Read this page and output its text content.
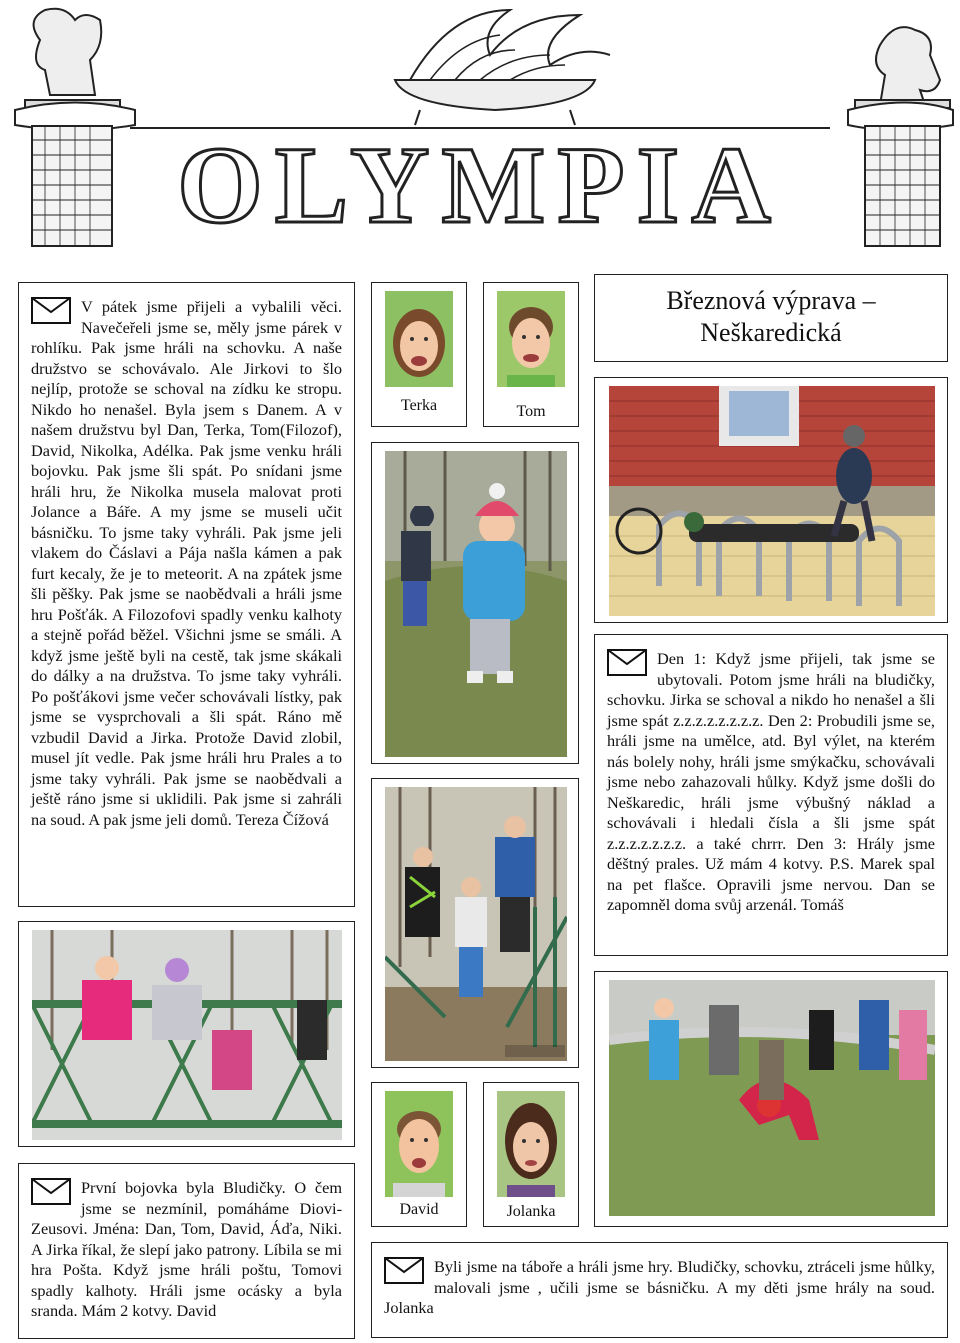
OLYMPIA
V pátek jsme přijeli a vybalili věci. Navečeřeli jsme se, měly jsme párek v rohlíku. Pak jsme hráli na schovku. A naše družstvo se schovávalo. Ale Jirkovi to šlo nejlíp, protože se schoval na zídku ke stropu. Nikdo ho nenašel. Byla jsem s Danem. A v našem družstvu byl Dan, Terka, Tom(Filozof), David, Nikolka, Adélka. Pak jsme venku hráli bojovku. Pak jsme šli spát. Po snídani jsme hráli hru, že Nikolka musela malovat proti Jolance a Báře. A my jsme se museli učit básničku. To jsme taky vyhráli. Pak jsme jeli vlakem do Čáslavi a Pája našla kámen a pak furt kecaly, že je to meteorit. A na zpátek jsme šli pěšky. Pak jsme se naobědvali a hráli jsme hru Pošťák. A Filozofovi spadly venku kalhoty a stejně pořád běžel. Všichni jsme se smáli. A když jsme ještě byli na cestě, tak jsme skákali do dálky a na družstva. To jsme taky vyhráli. Po pošťákovi jsme večer schovávali lístky, pak jsme se vysprchovali a šli spát. Ráno mě vzbudil David a Jirka. Protože David zlobil, musel jít vedle. Pak jsme hráli hru Prales a to jsme taky vyhráli. Pak jsme se naobědvali a ještě ráno jsme si uklidili. Pak jsme si zahráli na soud. A pak jsme jeli domů. Tereza Čížová
Terka	Tom
Březnová výprava –
Neškaredická
Den 1: Když jsme přijeli, tak jsme se ubytovali. Potom jsme hráli na bludičky, schovku. Jirka se schoval a nikdo ho nenašel a šli jsme spát z.z.z.z.z.z.z.z. Den 2: Probudili jsme se, hráli jsme na umělce, atd. Byl výlet, na kterém nás bolely nohy, hráli jsme smýkačku, schovávali jsme nebo zahazovali hůlky. Když jsme došli do Neškaredic, hráli jsme výbušný náklad a schovávali i hledali čísla a šli jsme spát z.z.z.z.z.z.z. a také chrrr. Den 3: Hrály jsme děštný prales. Už mám 4 kotvy. P.S. Marek spal na pet flašce. Opravili jsme nervou. Dan se zapomněl doma svůj arzenál. Tomáš
David	Jolanka
První bojovka byla Bludičky. O čem jsme se nezmínil, pomáháme Diovi-Zeusovi. Jména: Dan, Tom, David, Áďa, Niki. A Jirka říkal, že slepí jako patrony. Líbila se mi hra Pošta. Když jsme hráli poštu, Tomovi spadly kalhoty. Hráli jsme ocásky a byla sranda. Mám 2 kotvy. David
Byli jsme na táboře a hráli jsme hry. Bludičky, schovku, ztráceli jsme hůlky, malovali jsme , učili jsme se básničku. A my děti jsme hrály na soud. Jolanka
